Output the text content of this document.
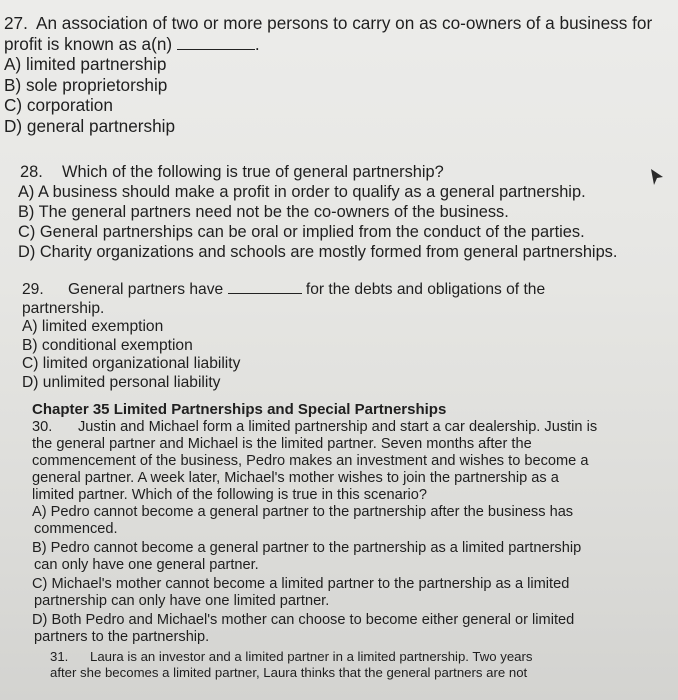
27. An association of two or more persons to carry on as co-owners of a business for
profit is known as a(n)	.
A) limited partnership
B) sole proprietorship
C) corporation
D) general partnership
28. Which of the following is true of general partnership?
A) A business should make a profit in order to qualify as a general partnership.
B) The general partners need not be the co-owners of the business.
C) General partnerships can be oral or implied from the conduct of the parties.
D) Charity organizations and schools are mostly formed from general partnerships.
29. General partners have	for the debts and obligations of the
partnership.
A) limited exemption
B) conditional exemption
C) limited organizational liability
D) unlimited personal liability
Chapter 35 Limited Partnerships and Special Partnerships
30. Justin and Michael form a limited partnership and start a car dealership. Justin is
the general partner and Michael is the limited partner. Seven months after the
commencement of the business, Pedro makes an investment and wishes to become a
general partner. A week later, Michael's mother wishes to join the partnership as a
limited partner. Which of the following is true in this scenario?
A) Pedro cannot become a general partner to the partnership after the business has
commenced.
B) Pedro cannot become a general partner to the partnership as a limited partnership
can only have one general partner.
C) Michael's mother cannot become a limited partner to the partnership as a limited
partnership can only have one limited partner.
D) Both Pedro and Michael's mother can choose to become either general or limited
partners to the partnership.
31. Laura is an investor and a limited partner in a limited partnership. Two years
after she becomes a limited partner, Laura thinks that the general partners are not
